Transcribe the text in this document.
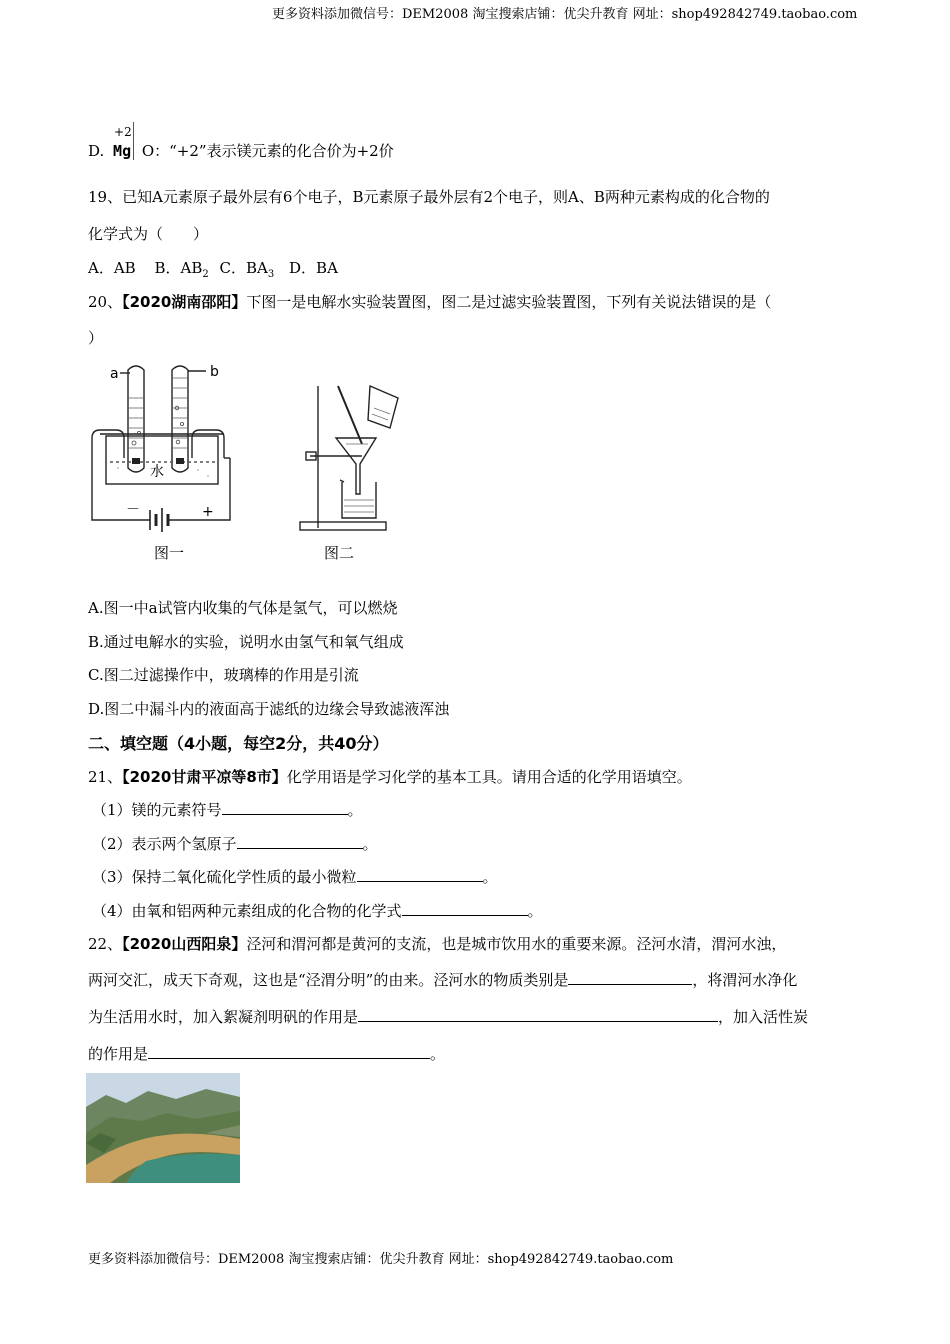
更多资料添加微信号：DEM2008 淘宝搜索店铺：优尖升教育 网址：shop492842749.taobao.com
D.
+2
Mg O：“+2”表示镁元素的化合价为+2价
19、已知A元素原子最外层有6个电子，B元素原子最外层有2个电子，则A、B两种元素构成的化合物的
化学式为（　　）
A．AB B．$AB_2$ C．$BA_3$ D．BA
20、【2020湖南邵阳】下图一是电解水实验装置图，图二是过滤实验装置图，下列有关说法错误的是（
）
a	b
水
－	+
图一	图二
A.图一中a试管内收集的气体是氢气，可以燃烧
B.通过电解水的实验，说明水由氢气和氧气组成
C.图二过滤操作中，玻璃棒的作用是引流
D.图二中漏斗内的液面高于滤纸的边缘会导致滤液浑浊
二、填空题（4小题，每空2分，共40分）
21、【2020甘肃平凉等8市】化学用语是学习化学的基本工具。请用合适的化学用语填空。
（1）镁的元素符号	。
（2）表示两个氢原子	。
（3）保持二氧化硫化学性质的最小微粒	。
（4）由氧和铝两种元素组成的化合物的化学式	。
22、【2020山西阳泉】泾河和渭河都是黄河的支流，也是城市饮用水的重要来源。泾河水清，渭河水浊，
两河交汇，成天下奇观，这也是“泾渭分明”的由来。泾河水的物质类别是	，将渭河水净化
为生活用水时，加入絮凝剂明矾的作用是	，加入活性炭
的作用是	。
更多资料添加微信号：DEM2008 淘宝搜索店铺：优尖升教育 网址：shop492842749.taobao.com
